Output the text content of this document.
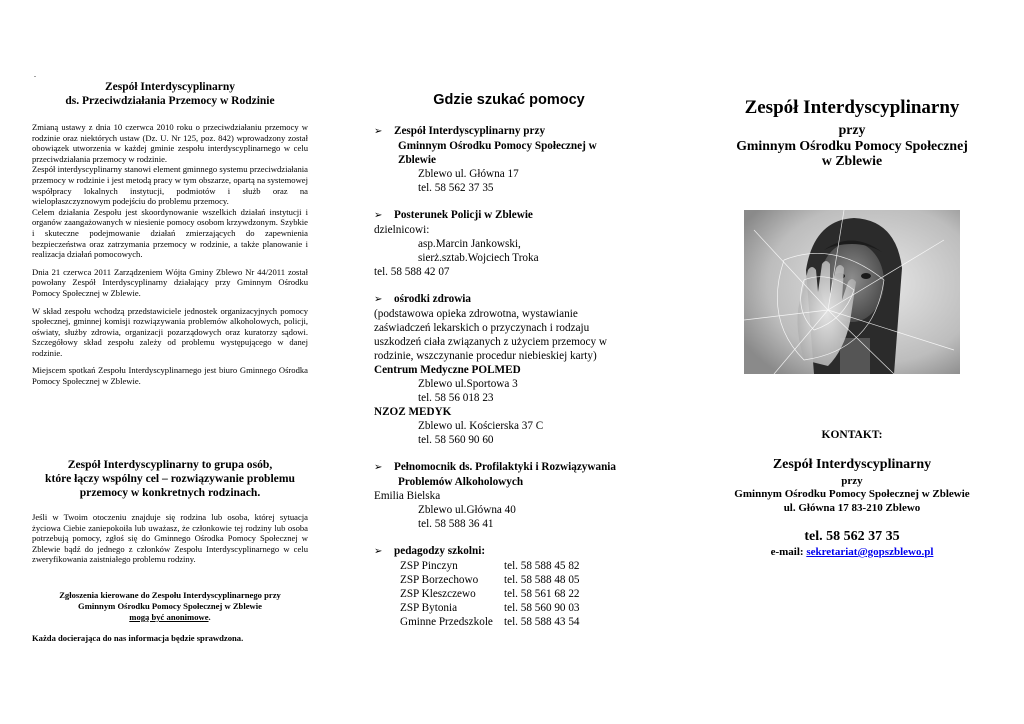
.
Zespół Interdyscyplinarny
ds. Przeciwdziałania Przemocy w Rodzinie

Zmianą ustawy z dnia 10 czerwca 2010 roku o przeciwdziałaniu przemocy w rodzinie oraz niektórych ustaw (Dz. U. Nr 125, poz. 842) wprowadzony został obowiązek utworzenia w każdej gminie zespołu interdyscyplinarnego w celu przeciwdziałania przemocy w rodzinie.

Zespół interdyscyplinarny stanowi element gminnego systemu przeciwdziałania przemocy w rodzinie i jest metodą pracy w tym obszarze, opartą na systemowej współpracy lokalnych instytucji, podmiotów i służb oraz na wielopłaszczyznowym podejściu do problemu przemocy.

Celem działania Zespołu jest skoordynowanie wszelkich działań instytucji i organów zaangażowanych w niesienie pomocy osobom krzywdzonym. Szybkie i skuteczne podejmowanie działań zmierzających do zapewnienia bezpieczeństwa oraz zatrzymania przemocy w rodzinie, a także planowanie i realizacja działań pomocowych.

Dnia 21 czerwca 2011 Zarządzeniem Wójta Gminy Zblewo Nr 44/2011 został powołany Zespół Interdyscyplinarny działający przy Gminnym Ośrodku Pomocy Społecznej w Zblewie.

W skład zespołu wchodzą przedstawiciele jednostek organizacyjnych pomocy społecznej, gminnej komisji rozwiązywania problemów alkoholowych, policji, oświaty, służby zdrowia, organizacji pozarządowych oraz kuratorzy sądowi. Szczegółowy skład zespołu zależy od problemu występującego w danej rodzinie.

Miejscem spotkań Zespołu Interdyscyplinarnego jest biuro Gminnego Ośrodka Pomocy Społecznej w Zblewie.

Zespół Interdyscyplinarny to grupa osób,
które łączy wspólny cel – rozwiązywanie problemu
przemocy w konkretnych rodzinach.
Jeśli w Twoim otoczeniu znajduje się rodzina lub osoba, której sytuacja życiowa Ciebie zaniepokoiła lub uważasz, że członkowie tej rodziny lub osoba potrzebują pomocy, zgłoś się do Gminnego Ośrodka Pomocy Społecznej w Zblewie bądź do jednego z członków Zespołu Interdyscyplinarnego w celu zweryfikowania zaistniałego problemu rodziny.
Zgłoszenia kierowane do Zespołu Interdyscyplinarnego przy
Gminnym Ośrodku Pomocy Społecznej w Zblewie
mogą być anonimowe.
Każda docierająca do nas informacja będzie sprawdzona.
Gdzie szukać pomocy
➢ Zespół Interdyscyplinarny przy
Gminnym Ośrodku Pomocy Społecznej w
Zblewie
Zblewo ul. Główna 17
tel. 58 562 37 35
➢ Posterunek Policji w Zblewie
dzielnicowi:
asp.Marcin Jankowski,
sierż.sztab.Wojciech Troka
tel. 58 588 42 07
➢ ośrodki zdrowia
(podstawowa opieka zdrowotna, wystawianie zaświadczeń lekarskich o przyczynach i rodzaju uszkodzeń ciała związanych z użyciem przemocy w rodzinie, wszczynanie procedur niebieskiej karty)
Centrum Medyczne POLMED
Zblewo ul.Sportowa 3
tel. 58 56 018 23
NZOZ MEDYK
Zblewo ul. Kościerska 37 C
tel. 58 560 90 60
➢ Pełnomocnik ds. Profilaktyki i Rozwiązywania
Problemów Alkoholowych
Emilia Bielska
Zblewo ul.Główna 40
tel. 58 588 36 41
➢ pedagodzy szkolni:
ZSP Pinczyn	tel. 58 588 45 82
ZSP Borzechowo	tel. 58 588 48 05
ZSP Kleszczewo	tel. 58 561 68 22
ZSP Bytonia	tel. 58 560 90 03
Gminne Przedszkole tel. 58 588 43 54
Zespół Interdyscyplinarny
przy
Gminnym Ośrodku Pomocy Społecznej
w Zblewie
KONTAKT:
Zespół Interdyscyplinarny
przy
Gminnym Ośrodku Pomocy Społecznej w Zblewie
ul. Główna 17 83-210 Zblewo
tel. 58 562 37 35
e-mail: sekretariat@gopszblewo.pl
